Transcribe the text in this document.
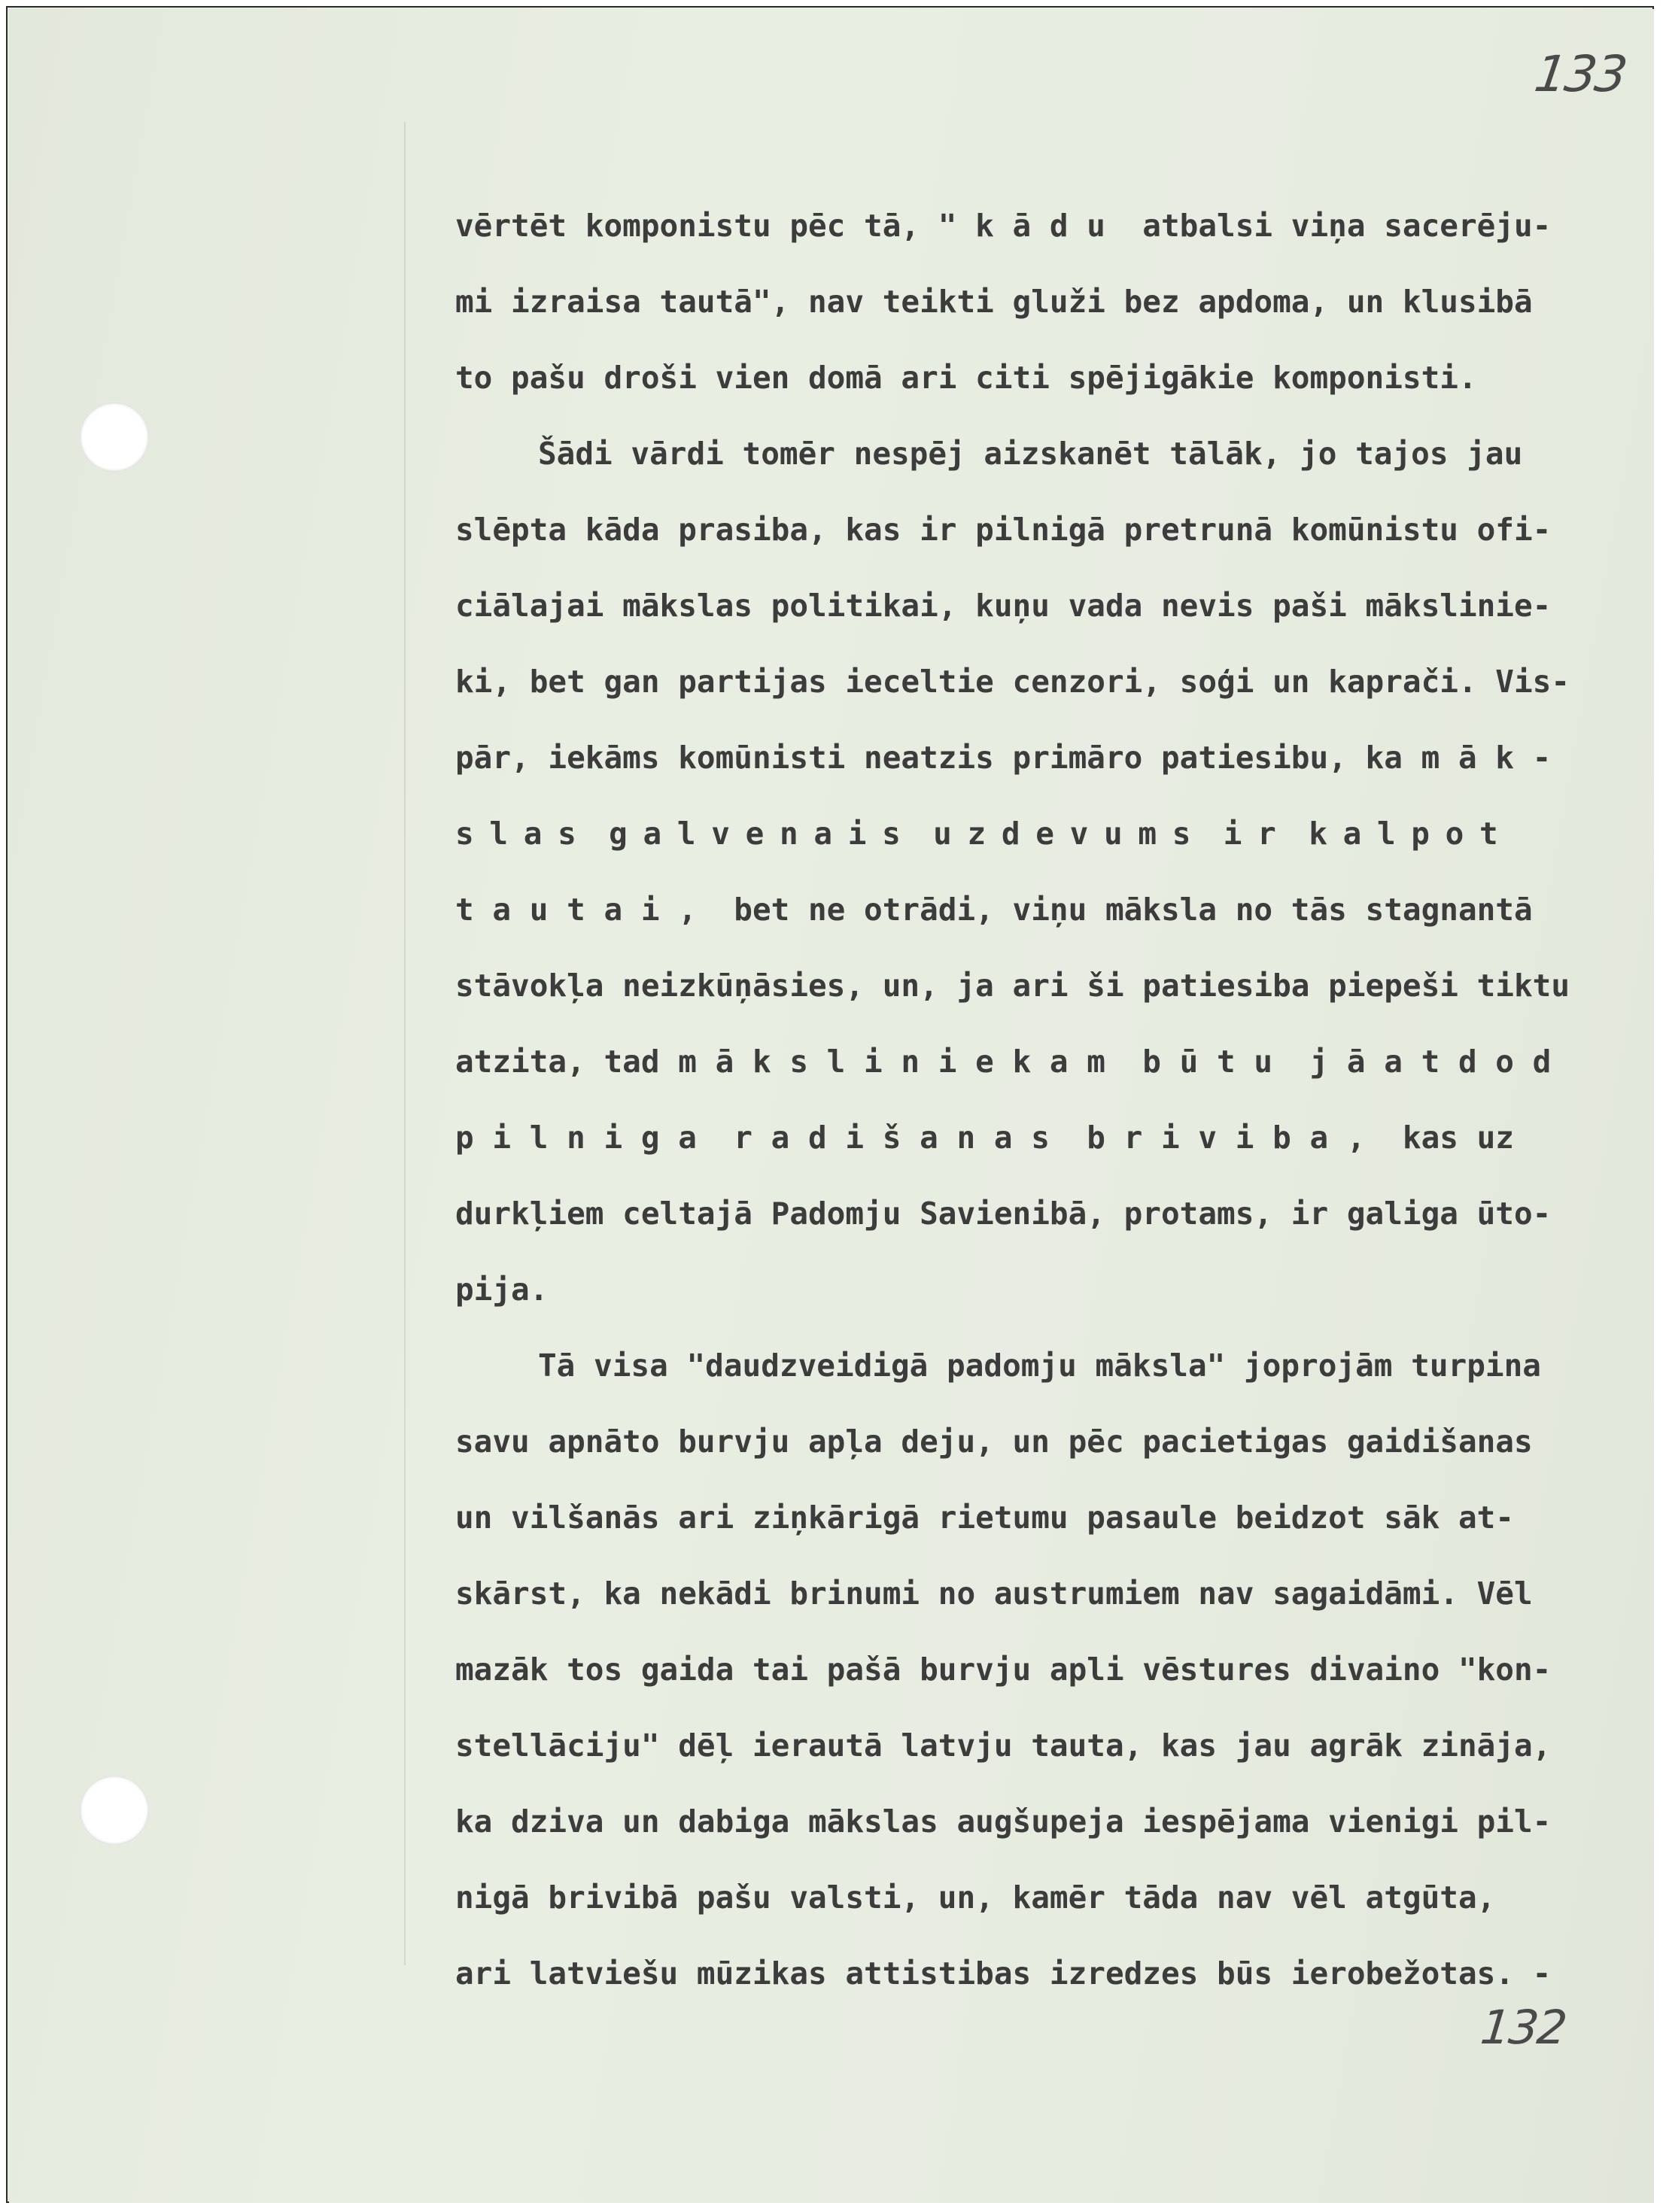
133
132
vērtēt komponistu pēc tā, " k ā d u  atbalsi viņa sacerēju-
mi izraisa tautā", nav teikti gluži bez apdoma, un klusibā
to pašu droši vien domā ari citi spējigākie komponisti.
Šādi vārdi tomēr nespēj aizskanēt tālāk, jo tajos jau
slēpta kāda prasiba, kas ir pilnigā pretrunā komūnistu ofi-
ciālajai mākslas politikai, kuņu vada nevis paši mākslinie-
ki, bet gan partijas ieceltie cenzori, soģi un kaprači. Vis-
pār, iekāms komūnisti neatzis primāro patiesibu, ka m ā k -
s l a s  g a l v e n a i s  u z d e v u m s  i r  k a l p o t
t a u t a i ,  bet ne otrādi, viņu māksla no tās stagnantā
stāvokļa neizkūņāsies, un, ja ari ši patiesiba piepeši tiktu
atzita, tad m ā k s l i n i e k a m  b ū t u  j ā a t d o d
p i l n i g a  r a d i š a n a s  b r i v i b a ,  kas uz
durkļiem celtajā Padomju Savienibā, protams, ir galiga ūto-
pija.
Tā visa "daudzveidigā padomju māksla" joprojām turpina
savu apnāto burvju apļa deju, un pēc pacietigas gaidišanas
un vilšanās ari ziņkārigā rietumu pasaule beidzot sāk at-
skārst, ka nekādi brinumi no austrumiem nav sagaidāmi. Vēl
mazāk tos gaida tai pašā burvju apli vēstures divaino "kon-
stellāciju" dēļ ierautā latvju tauta, kas jau agrāk zināja,
ka dziva un dabiga mākslas augšupeja iespējama vienigi pil-
nigā brivibā pašu valsti, un, kamēr tāda nav vēl atgūta,
ari latviešu mūzikas attistibas izredzes būs ierobežotas. -
